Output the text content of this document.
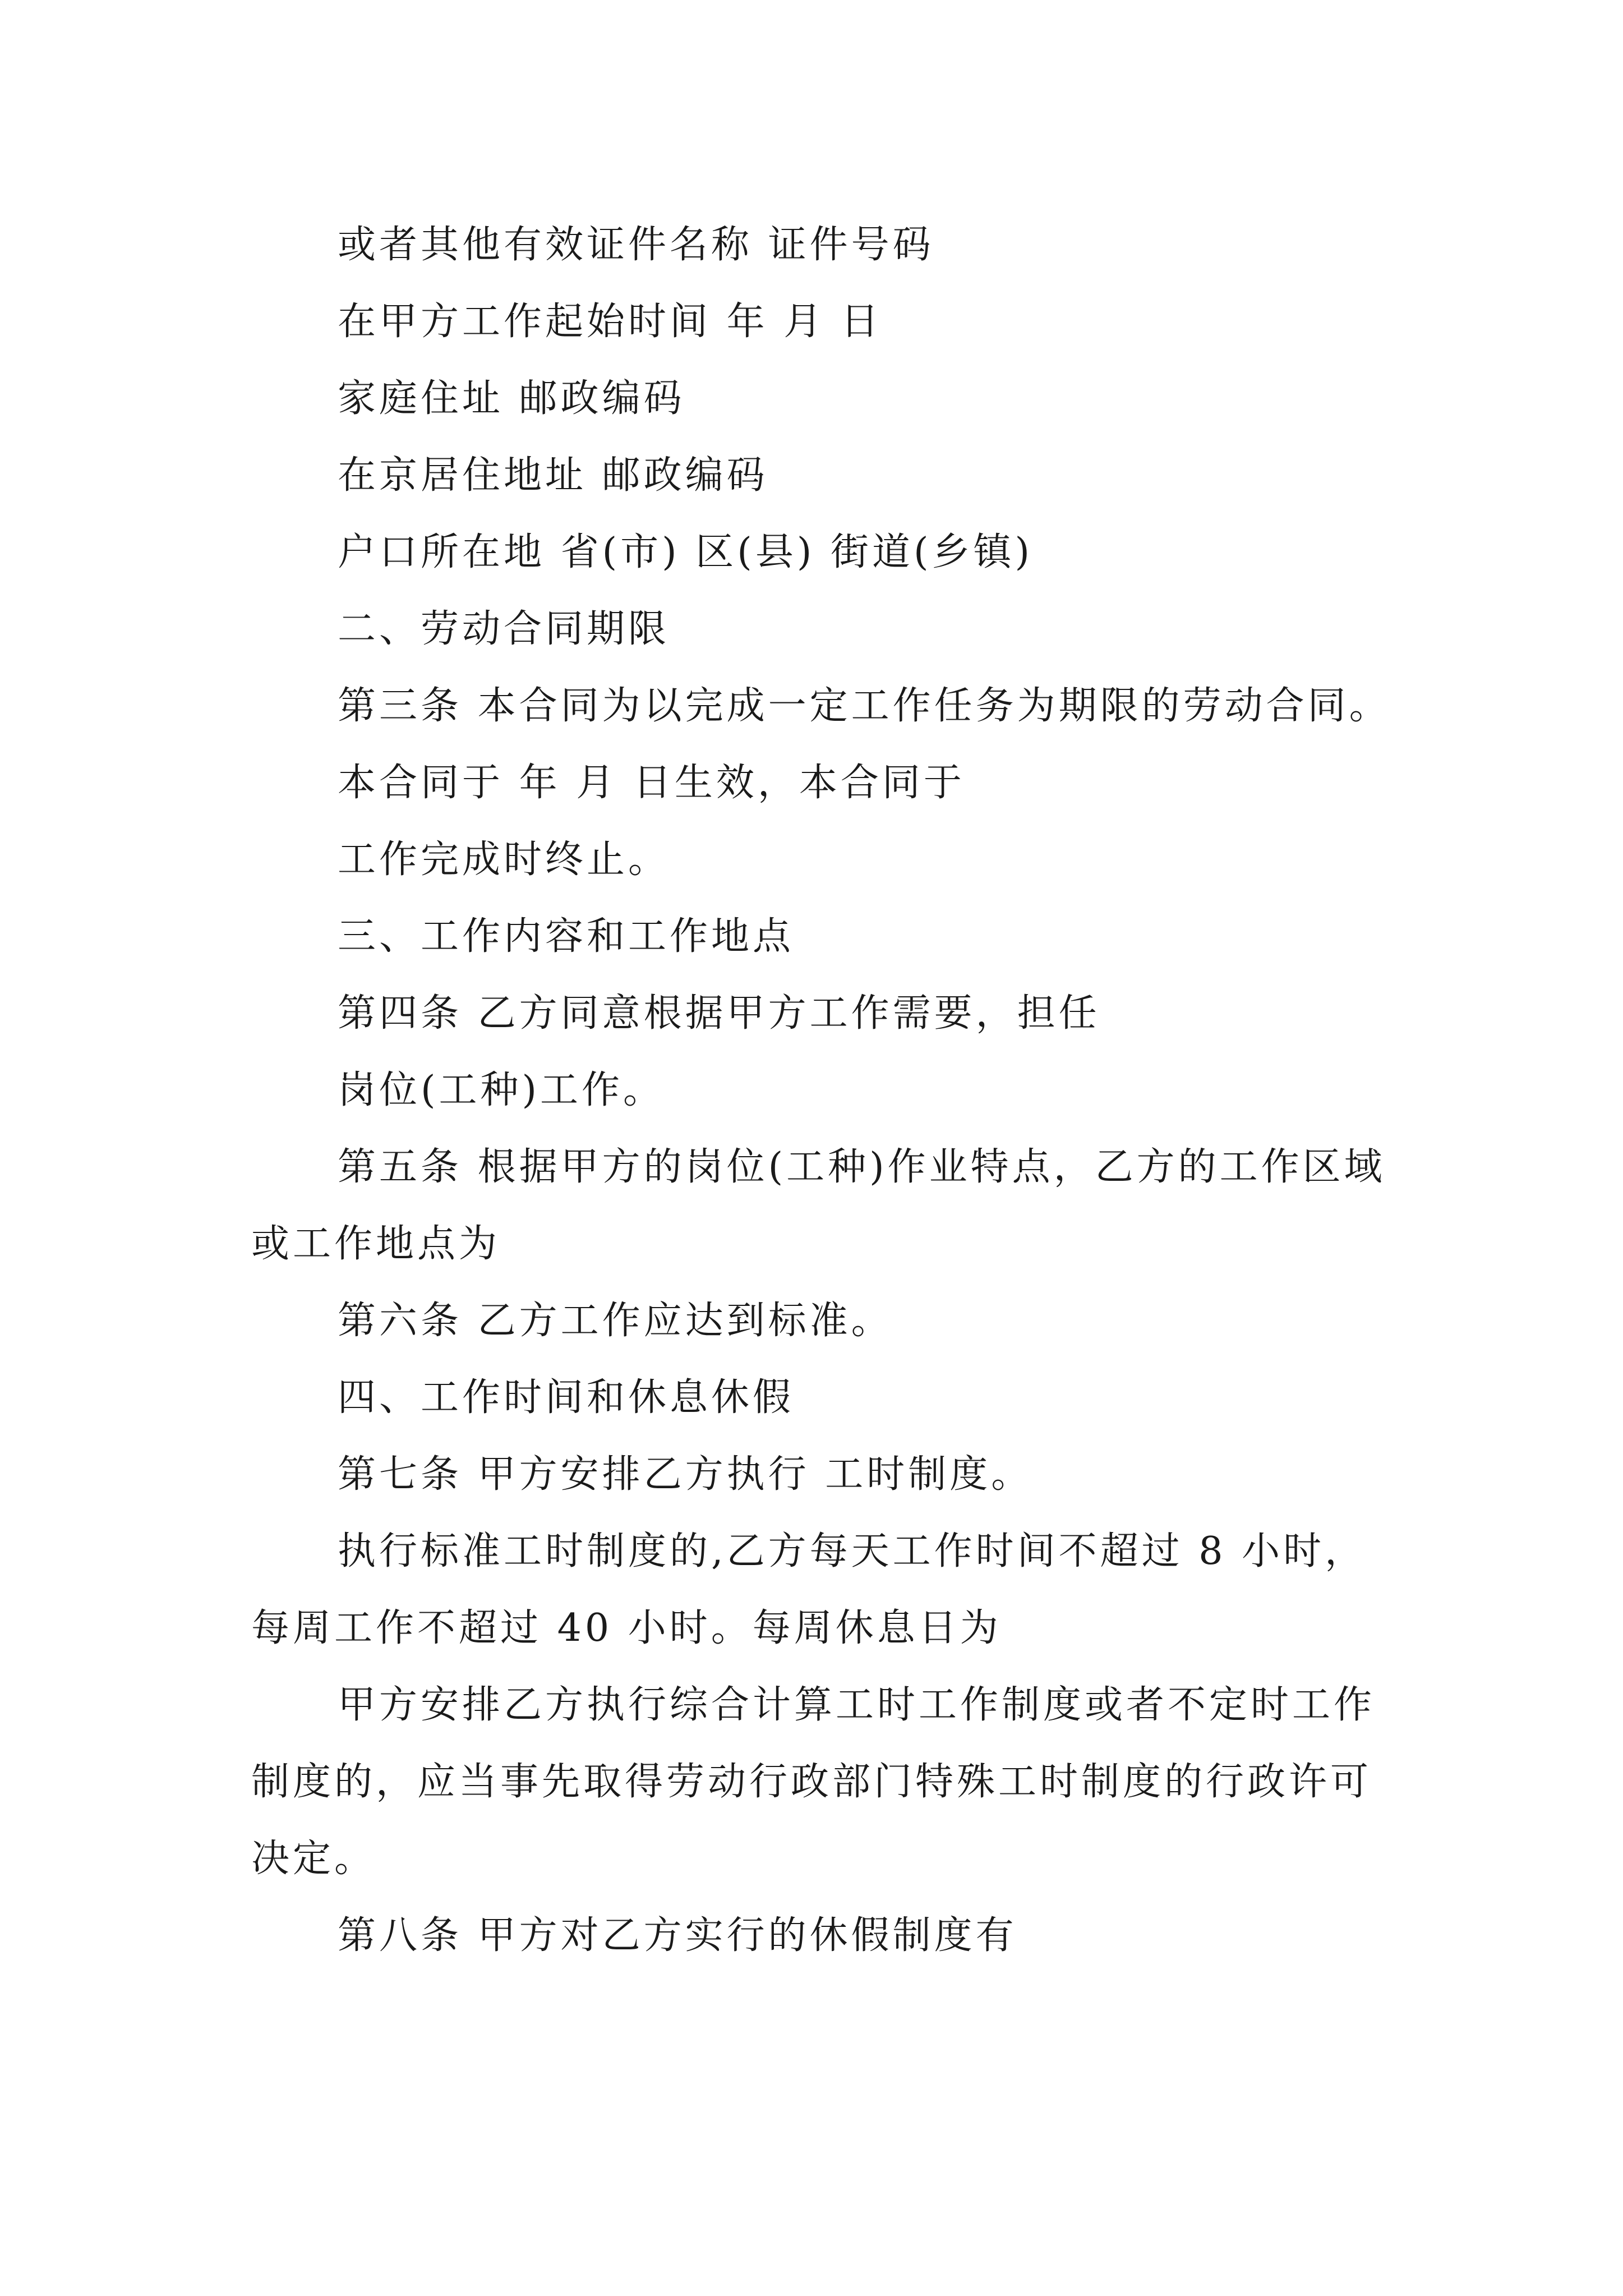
或者其他有效证件名称 证件号码

在甲方工作起始时间 年 月 日

家庭住址 邮政编码

在京居住地址 邮政编码

户口所在地 省(市) 区(县) 街道(乡镇)

二、劳动合同期限

第三条 本合同为以完成一定工作任务为期限的劳动合同。

本合同于 年 月 日生效，本合同于

工作完成时终止。

三、工作内容和工作地点

第四条 乙方同意根据甲方工作需要，担任

岗位(工种)工作。

第五条 根据甲方的岗位(工种)作业特点，乙方的工作区域或工作地点为

第六条 乙方工作应达到标准。

四、工作时间和休息休假

第七条 甲方安排乙方执行 工时制度。

执行标准工时制度的,乙方每天工作时间不超过 8 小时，每周工作不超过 40 小时。每周休息日为

甲方安排乙方执行综合计算工时工作制度或者不定时工作制度的，应当事先取得劳动行政部门特殊工时制度的行政许可决定。

第八条 甲方对乙方实行的休假制度有
